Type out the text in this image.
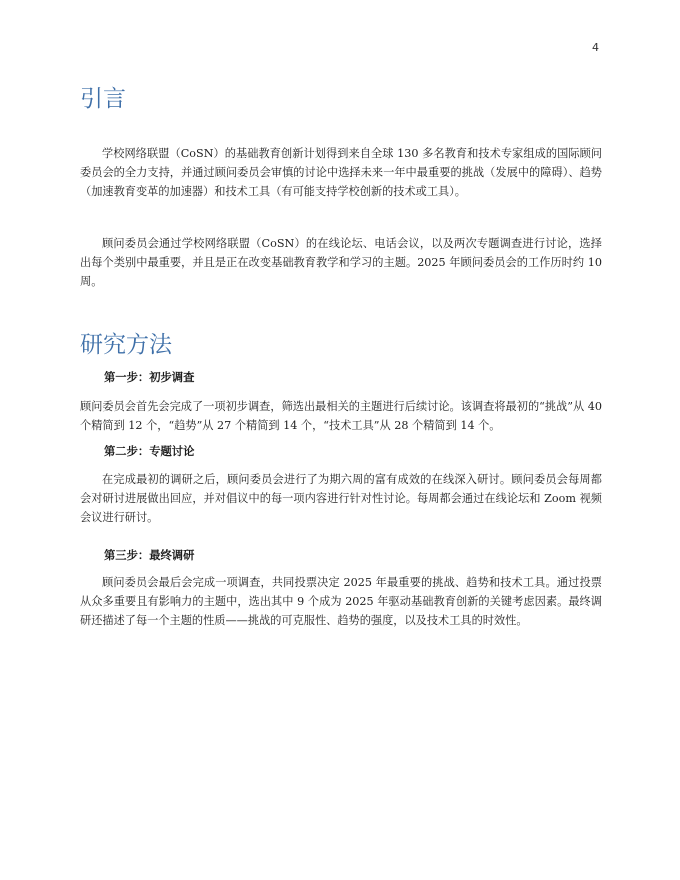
4
引言

学校网络联盟（CoSN）的基础教育创新计划得到来自全球 130 多名教育和技术专家组成的国际顾问委员会的全力支持，并通过顾问委员会审慎的讨论中选择未来一年中最重要的挑战（发展中的障碍）、趋势（加速教育变革的加速器）和技术工具（有可能支持学校创新的技术或工具）。

顾问委员会通过学校网络联盟（CoSN）的在线论坛、电话会议，以及两次专题调查进行讨论，选择出每个类别中最重要，并且是正在改变基础教育教学和学习的主题。2025 年顾问委员会的工作历时约 10 周。

研究方法
第一步：初步调查

顾问委员会首先会完成了一项初步调查，筛选出最相关的主题进行后续讨论。该调查将最初的“挑战”从 40 个精简到 12 个，“趋势”从 27 个精简到 14 个，“技术工具”从 28 个精简到 14 个。

第二步：专题讨论

在完成最初的调研之后，顾问委员会进行了为期六周的富有成效的在线深入研讨。顾问委员会每周都会对研讨进展做出回应，并对倡议中的每一项内容进行针对性讨论。每周都会通过在线论坛和 Zoom 视频会议进行研讨。

第三步：最终调研

顾问委员会最后会完成一项调查，共同投票决定 2025 年最重要的挑战、趋势和技术工具。通过投票从众多重要且有影响力的主题中，选出其中 9 个成为 2025 年驱动基础教育创新的关键考虑因素。最终调研还描述了每一个主题的性质——挑战的可克服性、趋势的强度，以及技术工具的时效性。
